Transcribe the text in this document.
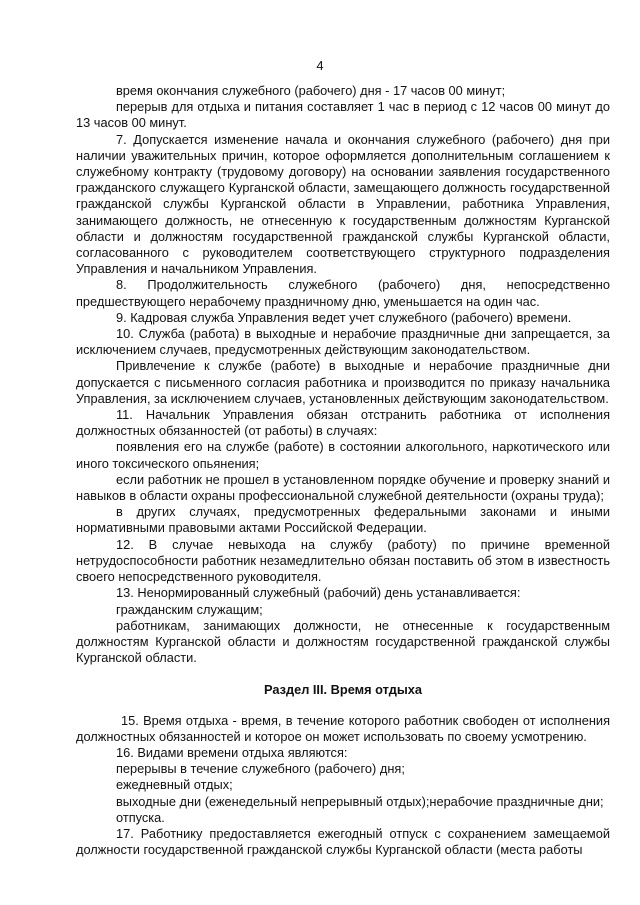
4

время окончания служебного (рабочего) дня - 17 часов 00 минут;

перерыв для отдыха и питания составляет 1 час в период с 12 часов 00 минут до 13 часов 00 минут.

7. Допускается изменение начала и окончания служебного (рабочего) дня при наличии уважительных причин, которое оформляется дополнительным соглашением к служебному контракту (трудовому договору) на основании заявления государственного гражданского служащего Курганской области, замещающего должность государственной гражданской службы Курганской области в Управлении, работника Управления, занимающего должность, не отнесенную к государственным должностям Курганской области и должностям государственной гражданской службы Курганской области, согласованного с руководителем соответствующего структурного подразделения Управления и начальником Управления.

8. Продолжительность служебного (рабочего) дня, непосредственно предшествующего нерабочему праздничному дню, уменьшается на один час.

9. Кадровая служба Управления ведет учет служебного (рабочего) времени.

10. Служба (работа) в выходные и нерабочие праздничные дни запрещается, за исключением случаев, предусмотренных действующим законодательством.

Привлечение к службе (работе) в выходные и нерабочие праздничные дни допускается с письменного согласия работника и производится по приказу начальника Управления, за исключением случаев, установленных действующим законодательством.

11. Начальник Управления обязан отстранить работника от исполнения должностных обязанностей (от работы) в случаях:

появления его на службе (работе) в состоянии алкогольного, наркотического или иного токсического опьянения;

если работник не прошел в установленном порядке обучение и проверку знаний и навыков в области охраны профессиональной служебной деятельности (охраны труда);

в других случаях, предусмотренных федеральными законами и иными нормативными правовыми актами Российской Федерации.

12. В случае невыхода на службу (работу) по причине временной нетрудоспособности работник незамедлительно обязан поставить об этом в известность своего непосредственного руководителя.

13. Ненормированный служебный (рабочий) день устанавливается:

гражданским служащим;

работникам, занимающих должности, не отнесенные к государственным должностям Курганской области и должностям государственной гражданской службы Курганской области.

Раздел III. Время отдыха

15. Время отдыха - время, в течение которого работник свободен от исполнения должностных обязанностей и которое он может использовать по своему усмотрению.

16. Видами времени отдыха являются:

перерывы в течение служебного (рабочего) дня;

ежедневный отдых;

выходные дни (еженедельный непрерывный отдых);нерабочие праздничные дни;

отпуска.

17. Работнику предоставляется ежегодный отпуск с сохранением замещаемой должности государственной гражданской службы Курганской области (места работы
